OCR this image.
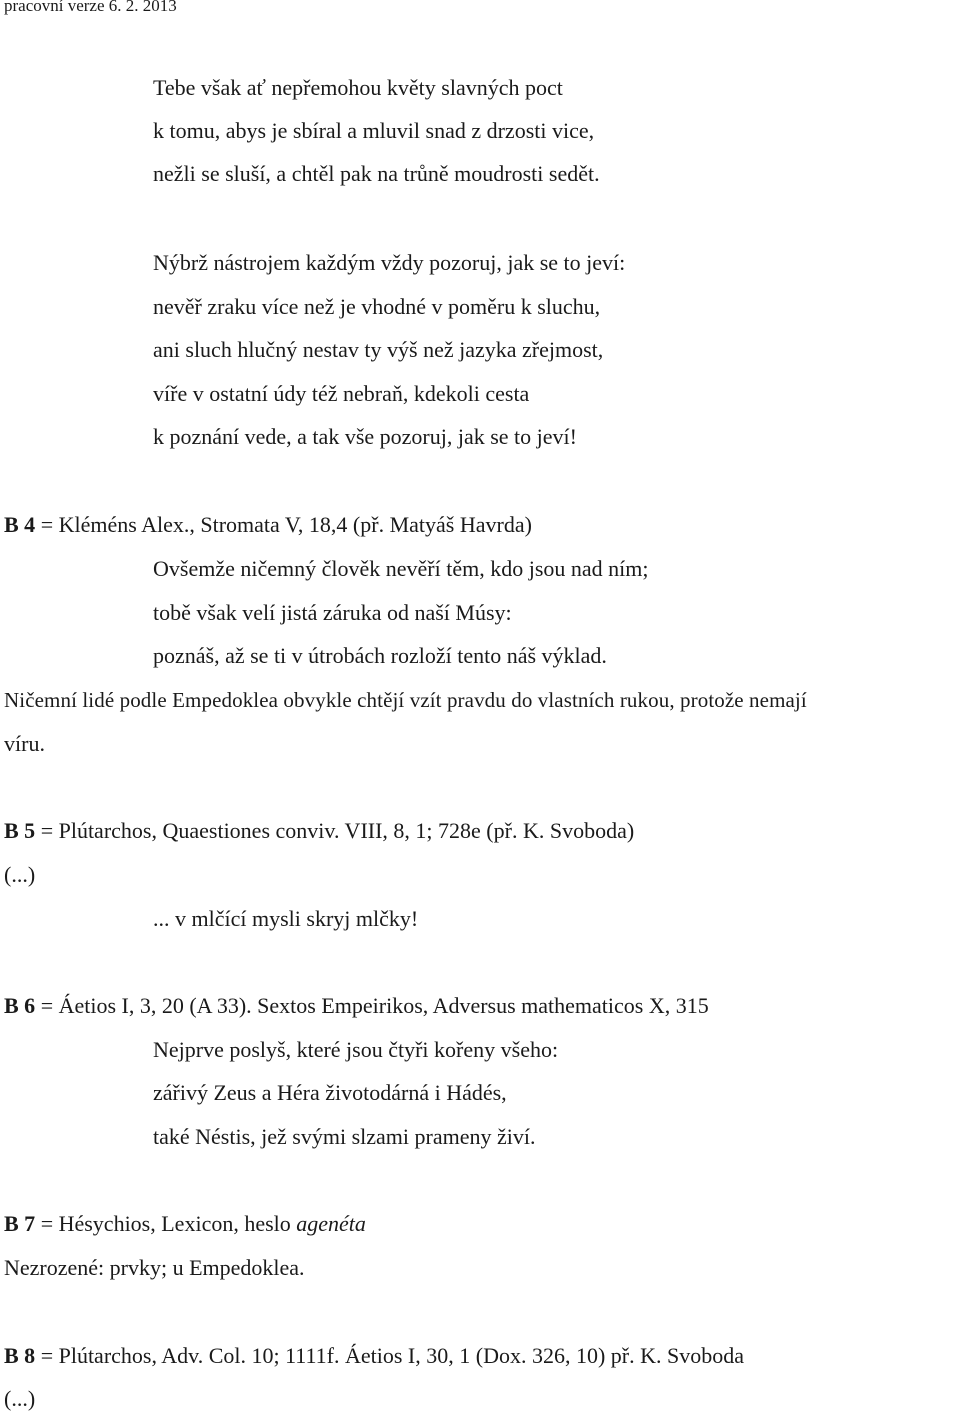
pracovní verze 6. 2. 2013
Tebe však ať nepřemohou květy slavných poct
k tomu, abys je sbíral a mluvil snad z drzosti vice,
nežli se sluší, a chtěl pak na trůně moudrosti sedět.
Nýbrž nástrojem každým vždy pozoruj, jak se to jeví:
nevěř zraku více než je vhodné v poměru k sluchu,
ani sluch hlučný nestav ty výš než jazyka zřejmost,
víře v ostatní údy též nebraň, kdekoli cesta
k poznání vede, a tak vše pozoruj, jak se to jeví!
B 4 = Kléméns Alex., Stromata V, 18,4 (př. Matyáš Havrda)
Ovšemže ničemný člověk nevěří těm, kdo jsou nad ním;
tobě však velí jistá záruka od naší Músy:
poznáš, až se ti v útrobách rozloží tento náš výklad.
Ničemní lidé podle Empedoklea obvykle chtějí vzít pravdu do vlastních rukou, protože nemají
víru.
B 5 = Plútarchos, Quaestiones conviv. VIII, 8, 1; 728e (př. K. Svoboda)
(...)
... v mlčící mysli skryj mlčky!
B 6 = Áetios I, 3, 20 (A 33). Sextos Empeirikos, Adversus mathematicos X, 315
Nejprve poslyš, které jsou čtyři kořeny všeho:
zářivý Zeus a Héra životodárná i Hádés,
také Néstis, jež svými slzami prameny živí.
B 7 = Hésychios, Lexicon, heslo agenéta
Nezrozené: prvky; u Empedoklea.
B 8 = Plútarchos, Adv. Col. 10; 1111f. Áetios I, 30, 1 (Dox. 326, 10) př. K. Svoboda
(...)
